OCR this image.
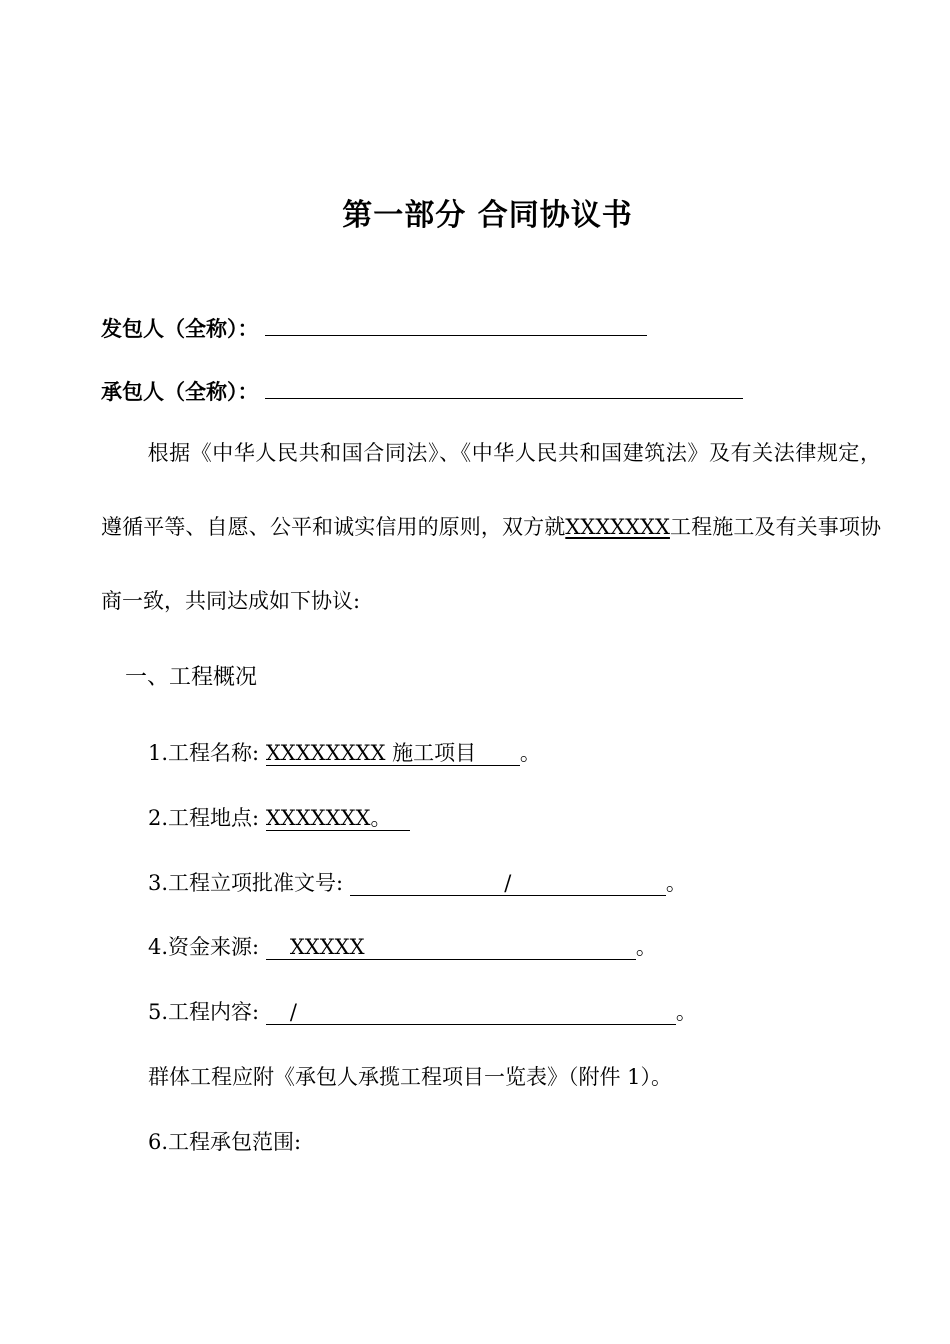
第一部分 合同协议书
发包人（全称）：
承包人（全称）：
根据《中华人民共和国合同法》、《中华人民共和国建筑法》及有关法律规定，遵循平等、自愿、公平和诚实信用的原则，双方就XXXXXXX工程施工及有关事项协商一致，共同达成如下协议:
一、工程概况
1.工程名称: XXXXXXXX 施工项目 。
2.工程地点: XXXXXXX。
3.工程立项批准文号:	/	。
4.资金来源: XXXXX	。
5.工程内容: /	。
群体工程应附《承包人承揽工程项目一览表》（附件 1）。
6.工程承包范围:
